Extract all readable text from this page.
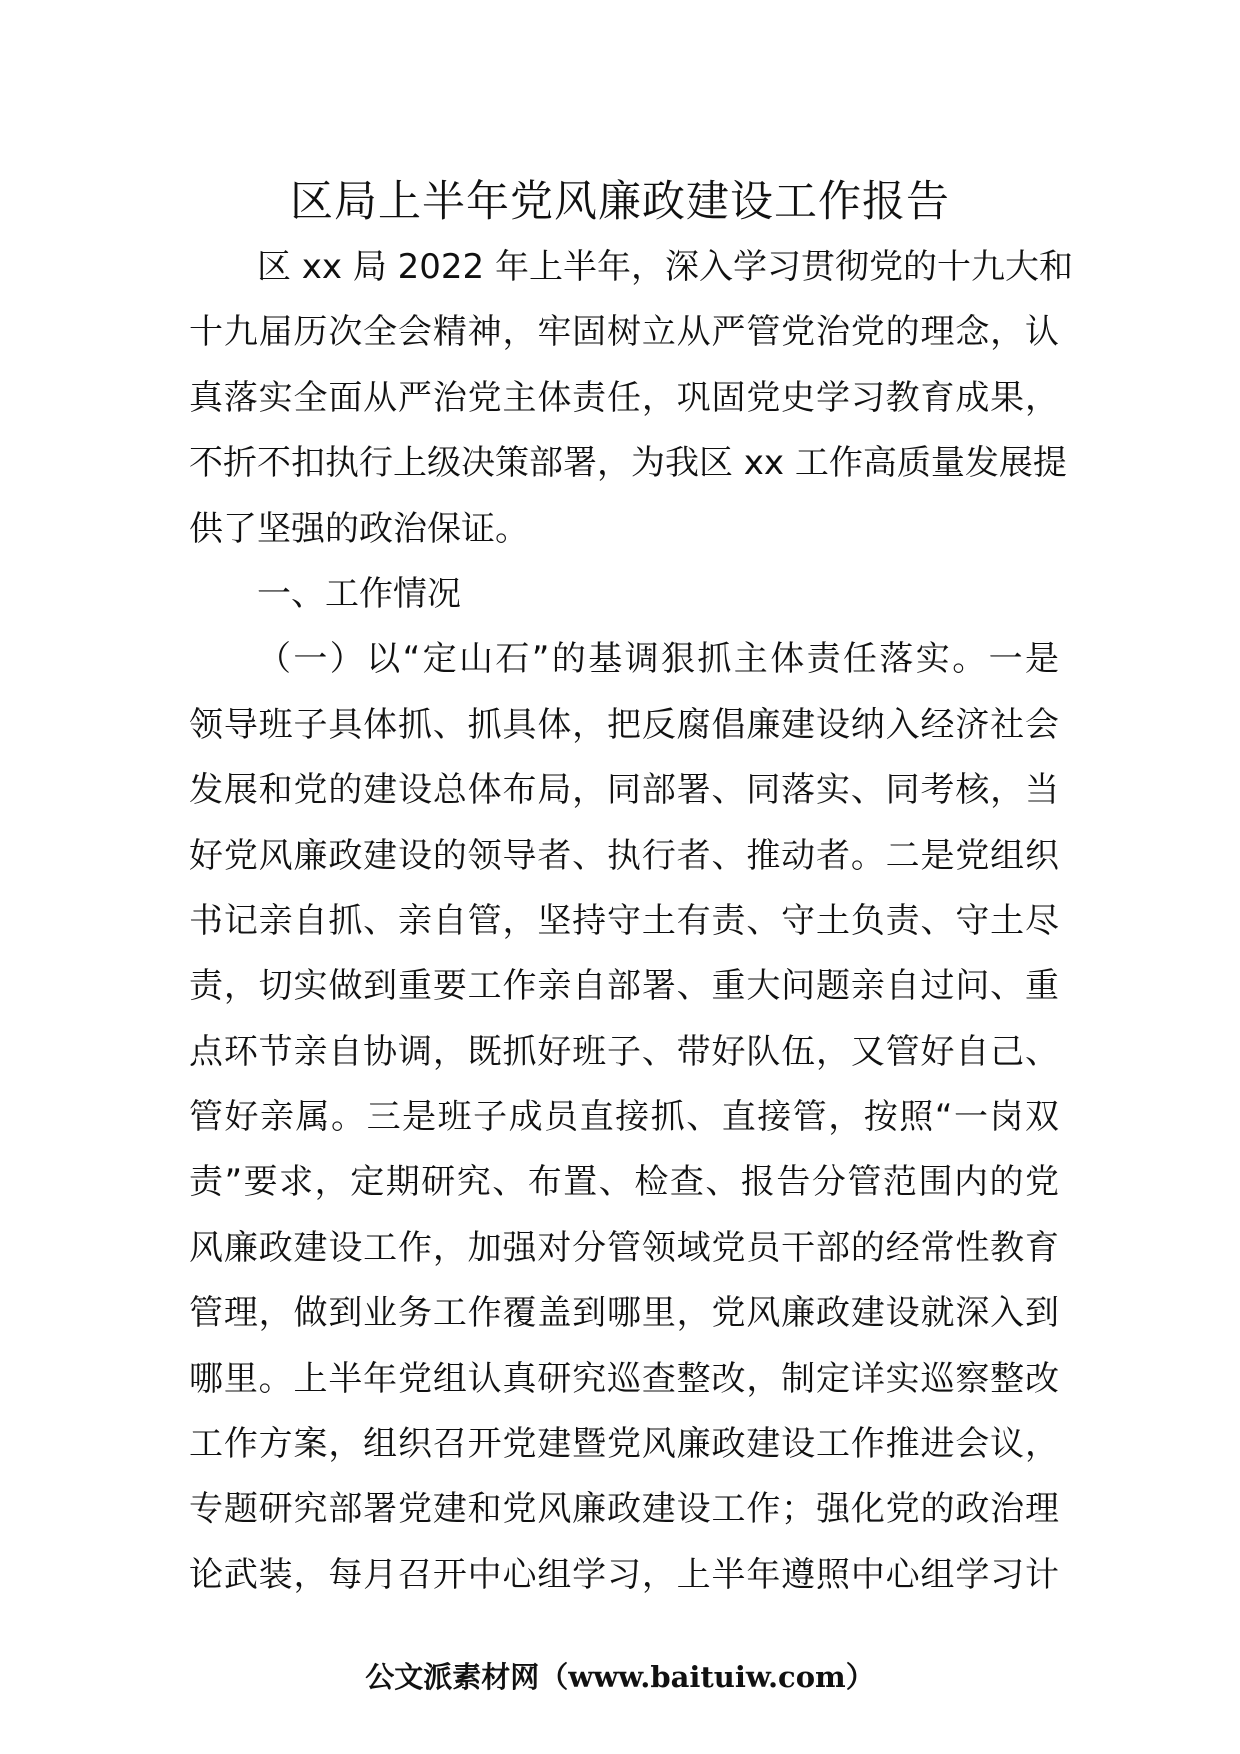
区局上半年党风廉政建设工作报告
区 xx 局 2022 年上半年，深入学习贯彻党的十九大和
十九届历次全会精神，牢固树立从严管党治党的理念，认
真落实全面从严治党主体责任，巩固党史学习教育成果，
不折不扣执行上级决策部署，为我区 xx 工作高质量发展提
供了坚强的政治保证。
一、工作情况
（一）以“定山石”的基调狠抓主体责任落实。一是
领导班子具体抓、抓具体，把反腐倡廉建设纳入经济社会
发展和党的建设总体布局，同部署、同落实、同考核，当
好党风廉政建设的领导者、执行者、推动者。二是党组织
书记亲自抓、亲自管，坚持守土有责、守土负责、守土尽
责，切实做到重要工作亲自部署、重大问题亲自过问、重
点环节亲自协调，既抓好班子、带好队伍，又管好自己、
管好亲属。三是班子成员直接抓、直接管，按照“一岗双
责”要求，定期研究、布置、检查、报告分管范围内的党
风廉政建设工作，加强对分管领域党员干部的经常性教育
管理，做到业务工作覆盖到哪里，党风廉政建设就深入到
哪里。上半年党组认真研究巡查整改，制定详实巡察整改
工作方案，组织召开党建暨党风廉政建设工作推进会议，
专题研究部署党建和党风廉政建设工作；强化党的政治理
论武装，每月召开中心组学习，上半年遵照中心组学习计
公文派素材网（www.baituiw.com）
